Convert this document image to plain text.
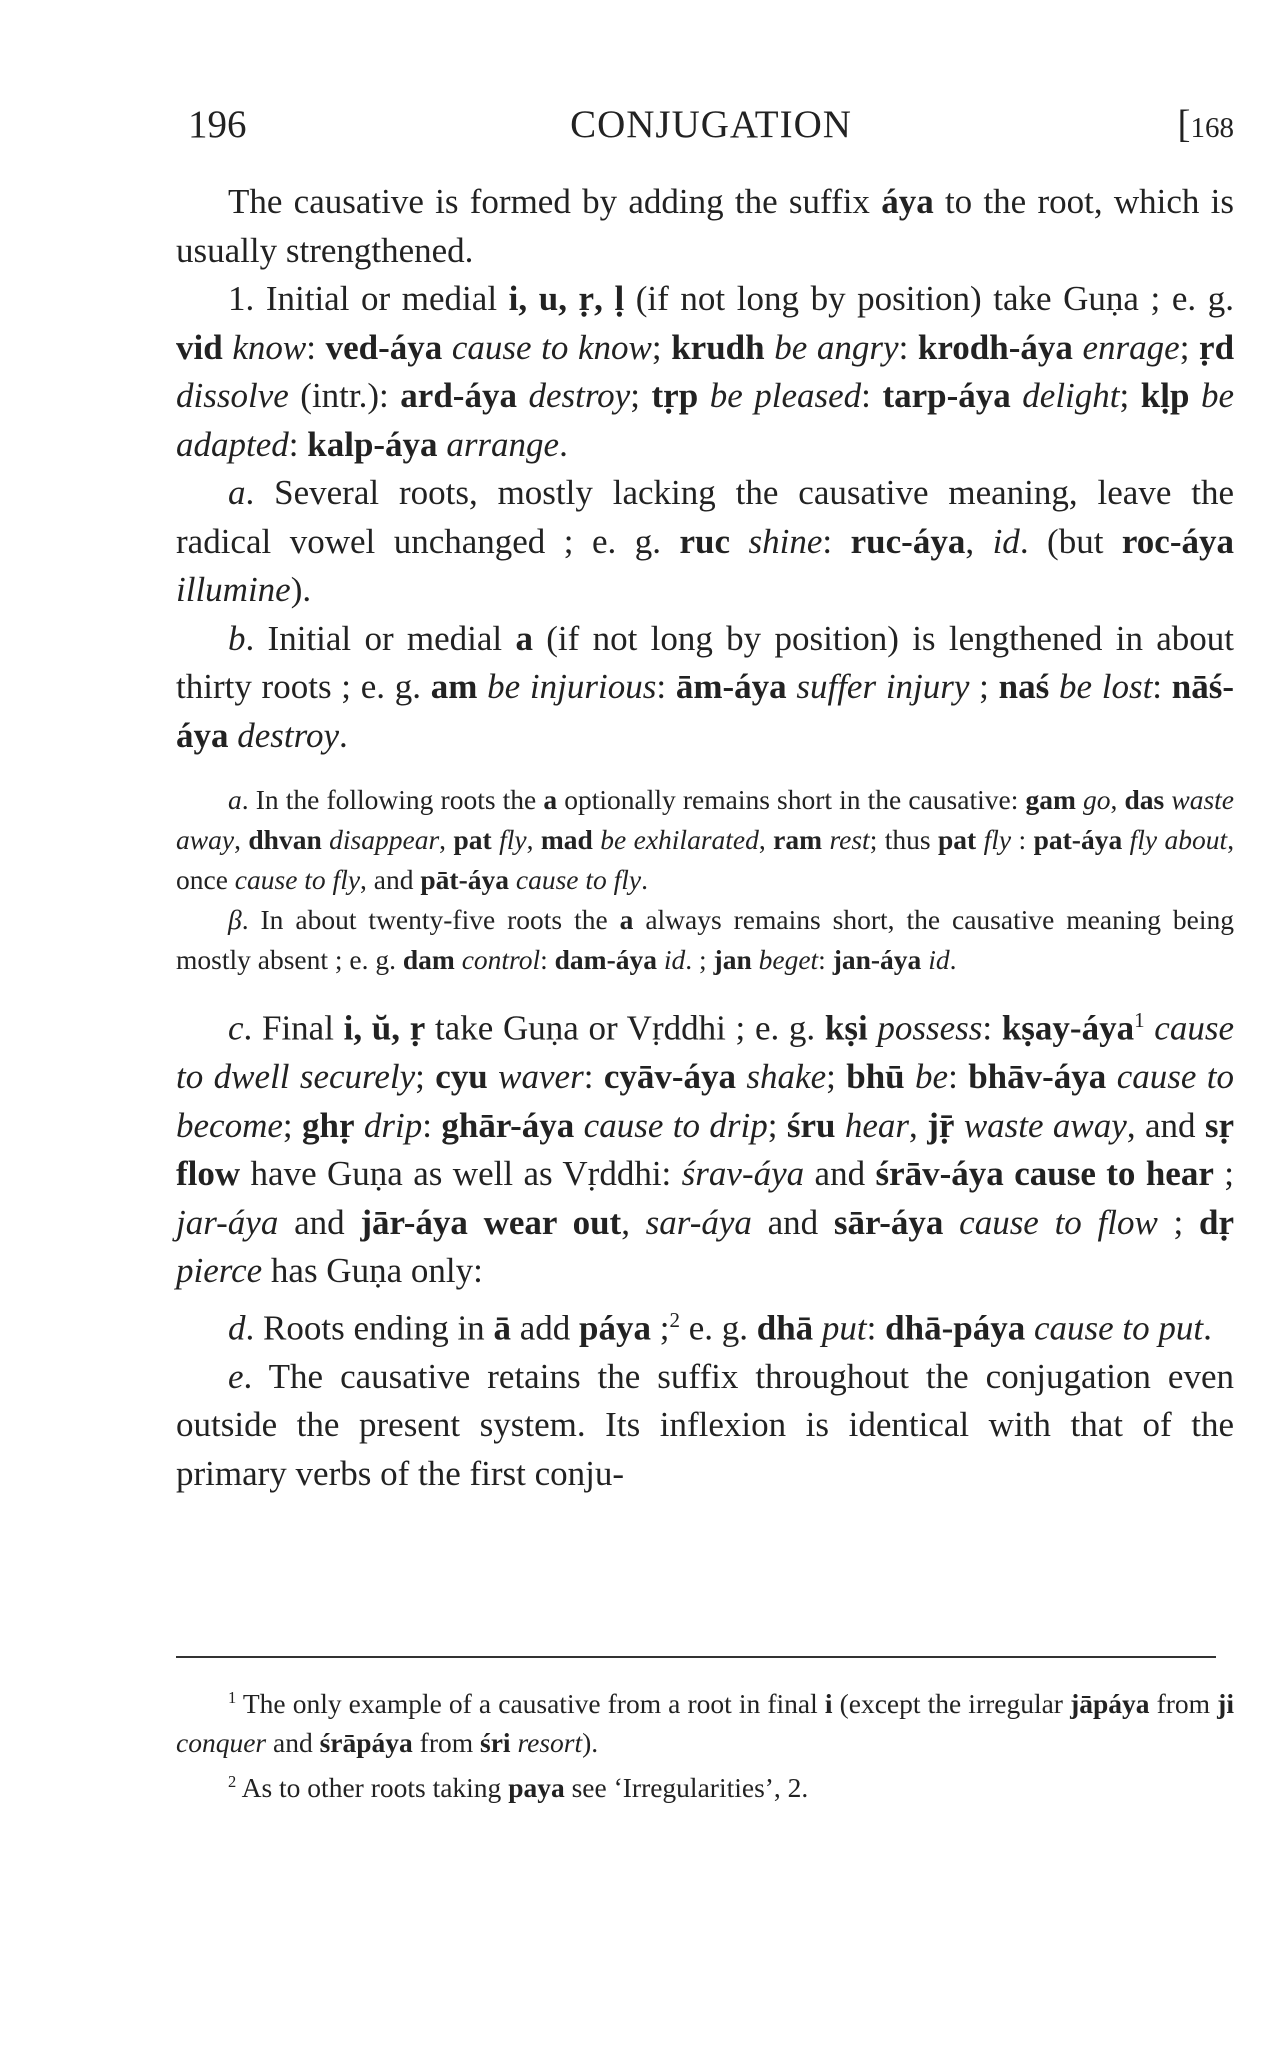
196	CONJUGATION	[168

The causative is formed by adding the suffix áya to the root, which is usually strengthened.

1. Initial or medial i, u, ṛ, ḷ (if not long by position) take Guṇa ; e. g. vid know: ved-áya cause to know; krudh be angry: krodh-áya enrage; ṛd dissolve (intr.): ard-áya destroy; tṛp be pleased: tarp-áya delight; kḷp be adapted: kalp-áya arrange.

a. Several roots, mostly lacking the causative meaning, leave the radical vowel unchanged ; e. g. ruc shine: ruc-áya, id. (but roc-áya illumine).

b. Initial or medial a (if not long by position) is lengthened in about thirty roots ; e. g. am be injurious: ām-áya suffer injury ; naś be lost: nāś-áya destroy.

a. In the following roots the a optionally remains short in the causative: gam go, das waste away, dhvan disappear, pat fly, mad be exhilarated, ram rest; thus pat fly : pat-áya fly about, once cause to fly, and pāt-áya cause to fly.

β. In about twenty-five roots the a always remains short, the causative meaning being mostly absent ; e. g. dam control: dam-áya id. ; jan beget: jan-áya id.

c. Final i, ŭ, ṛ take Guṇa or Vṛddhi ; e. g. kṣi possess: kṣay-áya$^1$ cause to dwell securely; cyu waver: cyāv-áya shake; bhū be: bhāv-áya cause to become; ghṛ drip: ghār-áya cause to drip; śru hear, jṝ waste away, and sṛ flow have Guṇa as well as Vṛddhi: śrav-áya and śrāv-áya cause to hear ; jar-áya and jār-áya wear out, sar-áya and sār-áya cause to flow ; dṛ pierce has Guṇa only:

d. Roots ending in ā add páya ;$^2$ e. g. dhā put: dhā-páya cause to put.

e. The causative retains the suffix throughout the conjugation even outside the present system. Its inflexion is identical with that of the primary verbs of the first conju-

$^1$ The only example of a causative from a root in final i (except the irregular jāpáya from ji conquer and śrāpáya from śri resort).

$^2$ As to other roots taking paya see ‘Irregularities’, 2.
